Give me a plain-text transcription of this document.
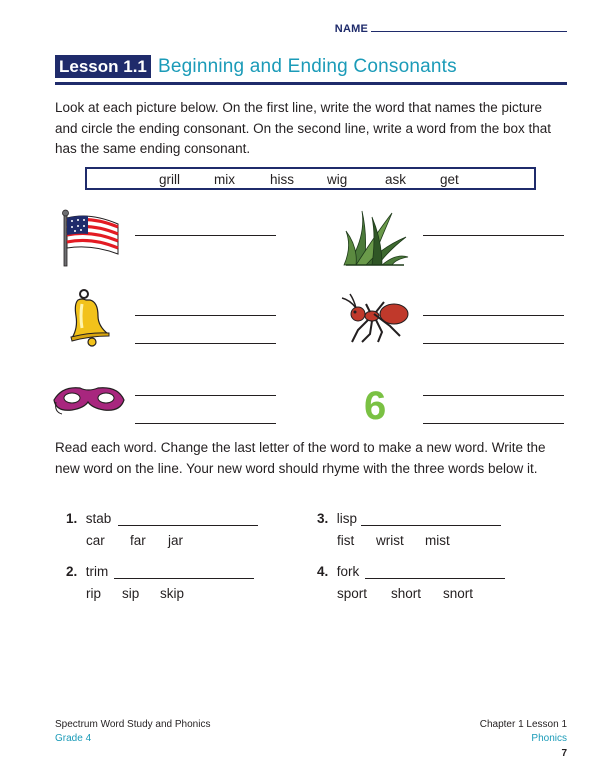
NAME
Lesson 1.1 Beginning and Ending Consonants
Look at each picture below. On the first line, write the word that names the picture and circle the ending consonant. On the second line, write a word from the box that has the same ending consonant.
grill	mix	hiss wig	ask	get
6
Read each word. Change the last letter of the word to make a new word. Write the new word on the line. Your new word should rhyme with the three words below it.
1. stab
car far jar
2. trim
rip sip skip
3. lisp
fist wrist mist
4. fork
sport short snort
Spectrum Word Study and Phonics
Grade 4
Chapter 1 Lesson 1
Phonics
7
